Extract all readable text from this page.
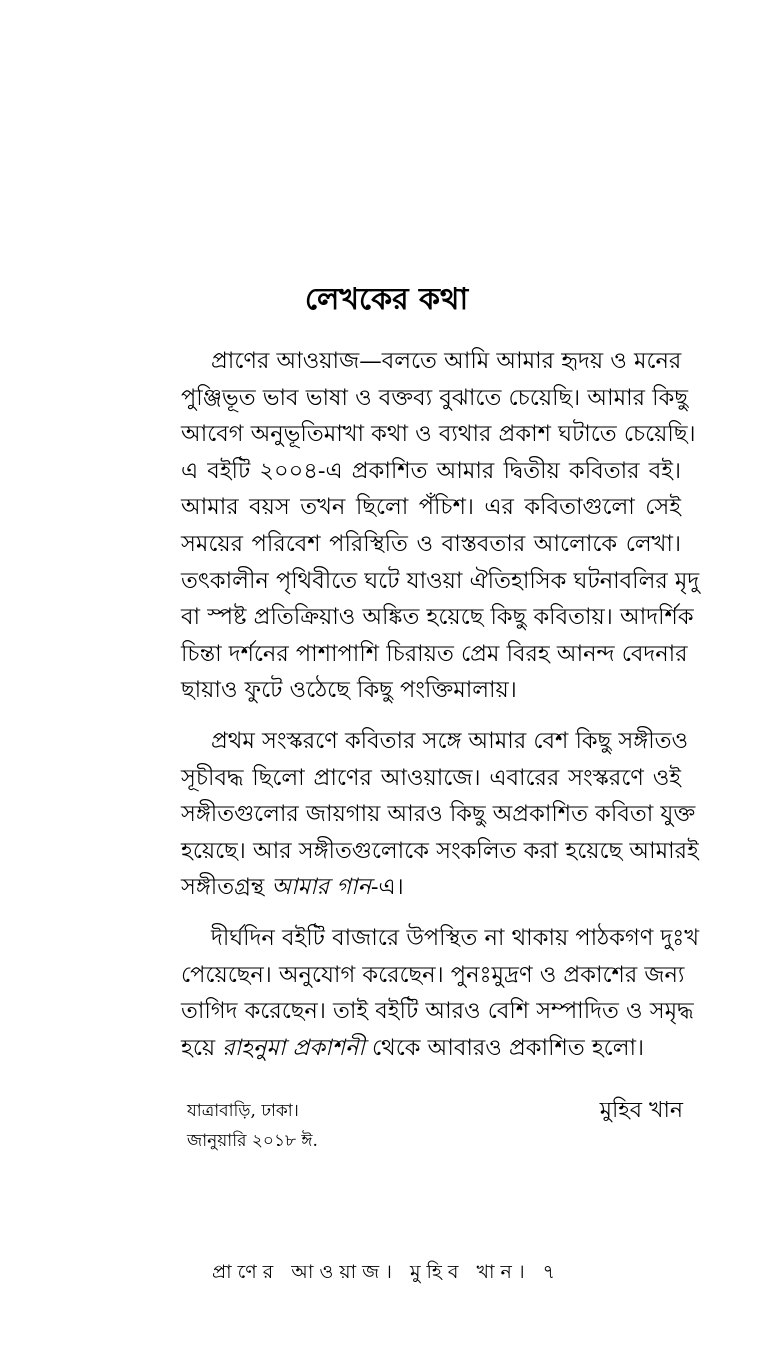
লেখকের কথা

প্রাণের আওয়াজ—বলতে আমি আমার হৃদয় ও মনের
পুঞ্জিভূত ভাব ভাষা ও বক্তব্য বুঝাতে চেয়েছি। আমার কিছু
আবেগ অনুভূতিমাখা কথা ও ব্যথার প্রকাশ ঘটাতে চেয়েছি।
এ বইটি ২০০৪-এ প্রকাশিত আমার দ্বিতীয় কবিতার বই।
আমার বয়স তখন ছিলো পঁচিশ। এর কবিতাগুলো সেই
সময়ের পরিবেশ পরিস্থিতি ও বাস্তবতার আলোকে লেখা।
তৎকালীন পৃথিবীতে ঘটে যাওয়া ঐতিহাসিক ঘটনাবলির মৃদু
বা স্পষ্ট প্রতিক্রিয়াও অঙ্কিত হয়েছে কিছু কবিতায়। আদর্শিক
চিন্তা দর্শনের পাশাপাশি চিরায়ত প্রেম বিরহ আনন্দ বেদনার
ছায়াও ফুটে ওঠেছে কিছু পংক্তিমালায়।

প্রথম সংস্করণে কবিতার সঙ্গে আমার বেশ কিছু সঙ্গীতও
সূচীবদ্ধ ছিলো প্রাণের আওয়াজে। এবারের সংস্করণে ওই
সঙ্গীতগুলোর জায়গায় আরও কিছু অপ্রকাশিত কবিতা যুক্ত
হয়েছে। আর সঙ্গীতগুলোকে সংকলিত করা হয়েছে আমারই
সঙ্গীতগ্রন্থ আমার গান-এ।

দীর্ঘদিন বইটি বাজারে উপস্থিত না থাকায় পাঠকগণ দুঃখ
পেয়েছেন। অনুযোগ করেছেন। পুনঃমুদ্রণ ও প্রকাশের জন্য
তাগিদ করেছেন। তাই বইটি আরও বেশি সম্পাদিত ও সমৃদ্ধ
হয়ে রাহনুমা প্রকাশনী থেকে আবারও প্রকাশিত হলো।

যাত্রাবাড়ি, ঢাকা।
জানুয়ারি ২০১৮ ঈ.
মুহিব খান
প্রাণের আওয়াজ। মুহিব খান। ৭
